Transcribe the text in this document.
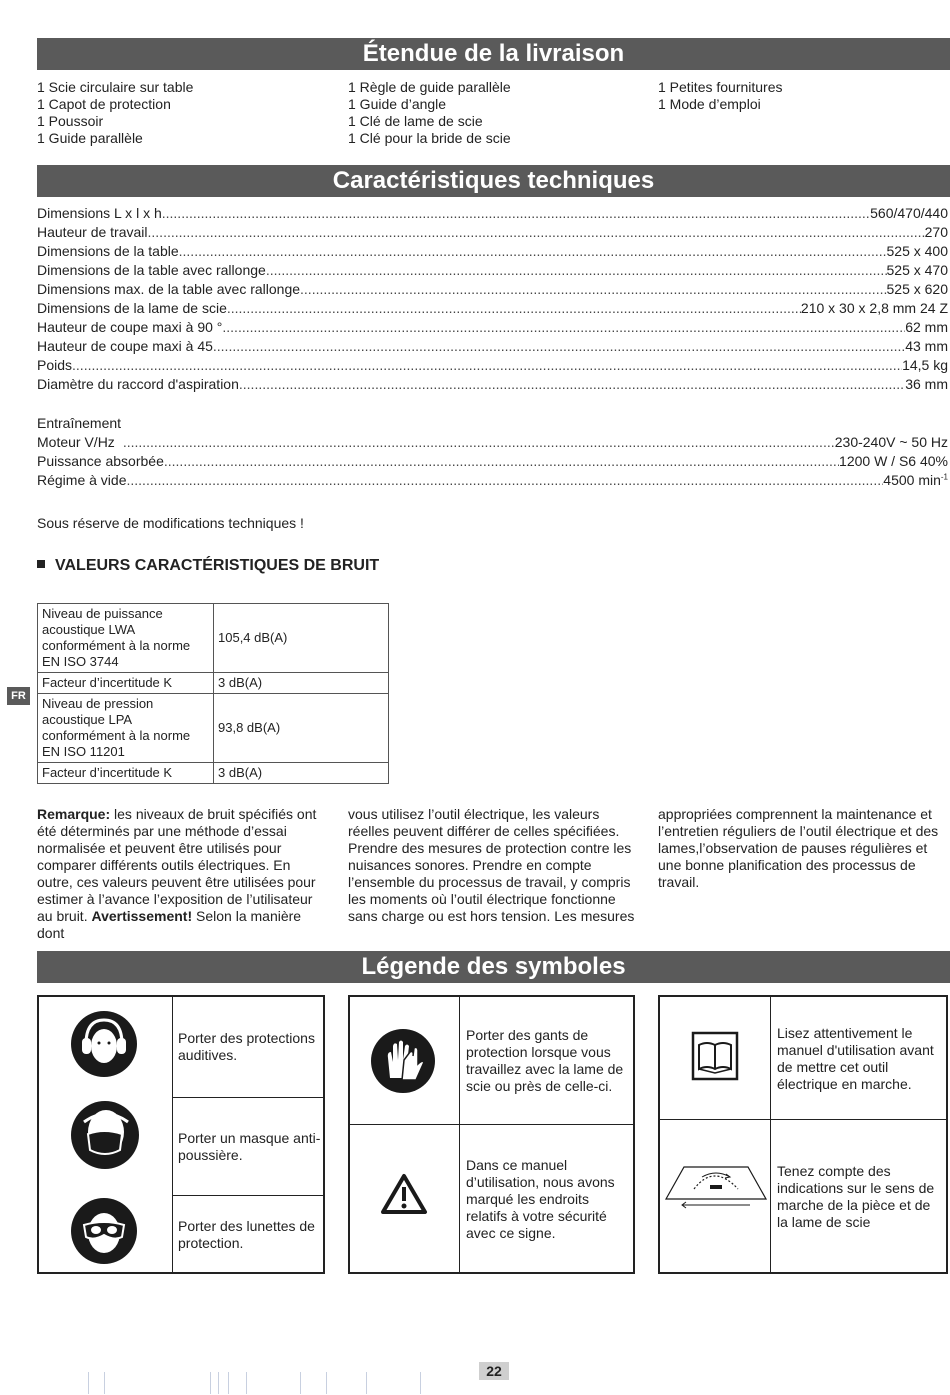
Étendue de la livraison
1 Scie circulaire sur table
1 Capot de protection
1 Poussoir
1 Guide parallèle
1 Règle de guide parallèle
1 Guide d’angle
1 Clé de lame de scie
1 Clé pour la bride de scie
1 Petites fournitures
1 Mode d’emploi
Caractéristiques techniques
Dimensions L x l x h .....	560/470/440
Hauteur de travail .....	270
Dimensions de la table .....	525 x 400
Dimensions de la table avec rallonge .....	525 x 470
Dimensions max. de la table avec rallonge .....	525 x 620
Dimensions de la lame de scie .....	210 x 30 x 2,8 mm 24 Z
Hauteur de coupe maxi à 90 ° .....	62 mm
Hauteur de coupe maxi à 45 .....	43 mm
Poids .....	14,5 kg
Diamètre du raccord d'aspiration .....	36 mm
Entraînement
Moteur V/Hz .....	230-240V ~ 50 Hz
Puissance absorbée .....	1200 W / S6 40%
Régime à vide .....	4500 $\min^{-1}$
Sous réserve de modifications techniques !
VALEURS CARACTÉRISTIQUES DE BRUIT
Niveau de puissance acoustique LWA conformément à la norme EN ISO 3744	105,4 dB(A)
Facteur d’incertitude K	3 dB(A)
Niveau de pression acoustique LPA conformément à la norme EN ISO 11201	93,8 dB(A)
Facteur d’incertitude K	3 dB(A)
FR
Remarque: les niveaux de bruit spécifiés ont été déterminés par une méthode d’essai normalisée et peuvent être utilisés pour comparer différents outils électriques. En outre, ces valeurs peuvent être utilisées pour estimer à l’avance l’exposition de l’utilisateur au bruit. Avertissement! Selon la manière dont
vous utilisez l’outil électrique, les valeurs réelles peuvent différer de celles spécifiées. Prendre des mesures de protection contre les nuisances sonores. Prendre en compte l’ensemble du processus de travail, y compris les moments où l’outil électrique fonctionne sans charge ou est hors tension. Les mesures
appropriées comprennent la maintenance et l’entretien réguliers de l’outil électrique et des lames,l’observation de pauses régulières et une bonne planification des processus de travail.
Légende des symboles
Porter des protections auditives.
Porter un masque anti-poussière.
Porter des lunettes de protection.
Porter des gants de protection lorsque vous travaillez avec la lame de scie ou près de celle-ci.
Dans ce manuel d’utilisation, nous avons marqué les endroits relatifs à votre sécurité avec ce signe.
Lisez attentivement le manuel d'utilisation avant de mettre cet outil électrique en marche.
Tenez compte des indications sur le sens de marche de la pièce et de la lame de scie
22
